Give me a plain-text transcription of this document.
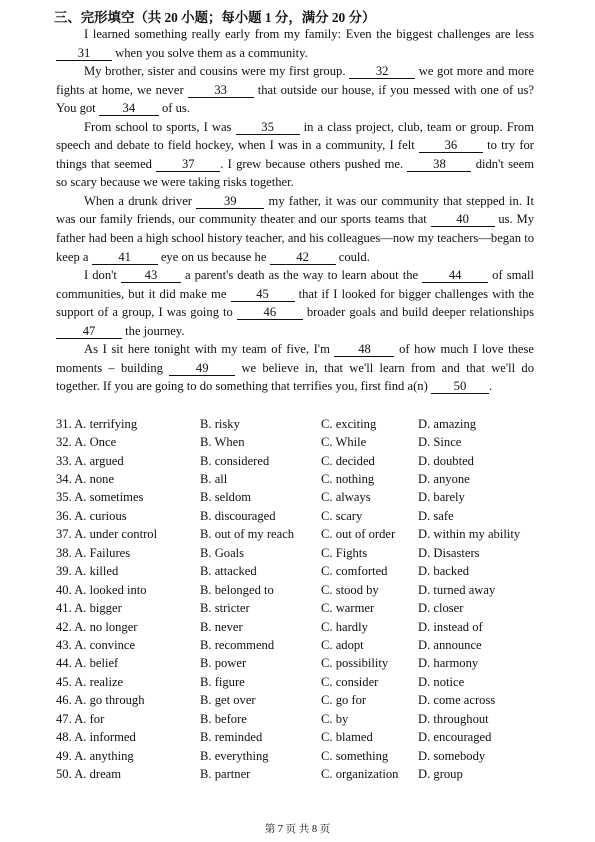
三、完形填空（共 20 小题；每小题 1 分，满分 20 分）

I learned something really early from my family: Even the biggest challenges are less 31 when you solve them as a community.

My brother, sister and cousins were my first group. 32 we got more and more fights at home, we never 33 that outside our house, if you messed with one of us? You got 34 of us.

From school to sports, I was 35 in a class project, club, team or group. From speech and debate to field hockey, when I was in a community, I felt 36 to try for things that seemed 37 . I grew because others pushed me. 38 didn't seem so scary because we were taking risks together.

When a drunk driver 39 my father, it was our community that stepped in. It was our family friends, our community theater and our sports teams that 40 us. My father had been a high school history teacher, and his colleagues—now my teachers—began to keep a 41 eye on us because he 42 could.

I don't 43 a parent's death as the way to learn about the 44 of small communities, but it did make me 45 that if I looked for bigger challenges with the support of a group, I was going to 46 broader goals and build deeper relationships 47 the journey.

As I sit here tonight with my team of five, I'm 48 of how much I love these moments – building 49 we believe in, that we'll learn from and that we'll do together. If you are going to do something that terrifies you, first find a(n) 50 .

31. A. terrifying	B. risky	C. exciting	D. amazing
32. A. Once	B. When	C. While	D. Since
33. A. argued	B. considered	C. decided	D. doubted
34. A. none	B. all	C. nothing	D. anyone
35. A. sometimes	B. seldom	C. always	D. barely
36. A. curious	B. discouraged	C. scary	D. safe
37. A. under control	B. out of my reach	C. out of order	D. within my ability
38. A. Failures	B. Goals	C. Fights	D. Disasters
39. A. killed	B. attacked	C. comforted	D. backed
40. A. looked into	B. belonged to	C. stood by	D. turned away
41. A. bigger	B. stricter	C. warmer	D. closer
42. A. no longer	B. never	C. hardly	D. instead of
43. A. convince	B. recommend	C. adopt	D. announce
44. A. belief	B. power	C. possibility	D. harmony
45. A. realize	B. figure	C. consider	D. notice
46. A. go through	B. get over	C. go for	D. come across
47. A. for	B. before	C. by	D. throughout
48. A. informed	B. reminded	C. blamed	D. encouraged
49. A. anything	B. everything	C. something	D. somebody
50. A. dream	B. partner	C. organization	D. group
第 7 页 共 8 页
